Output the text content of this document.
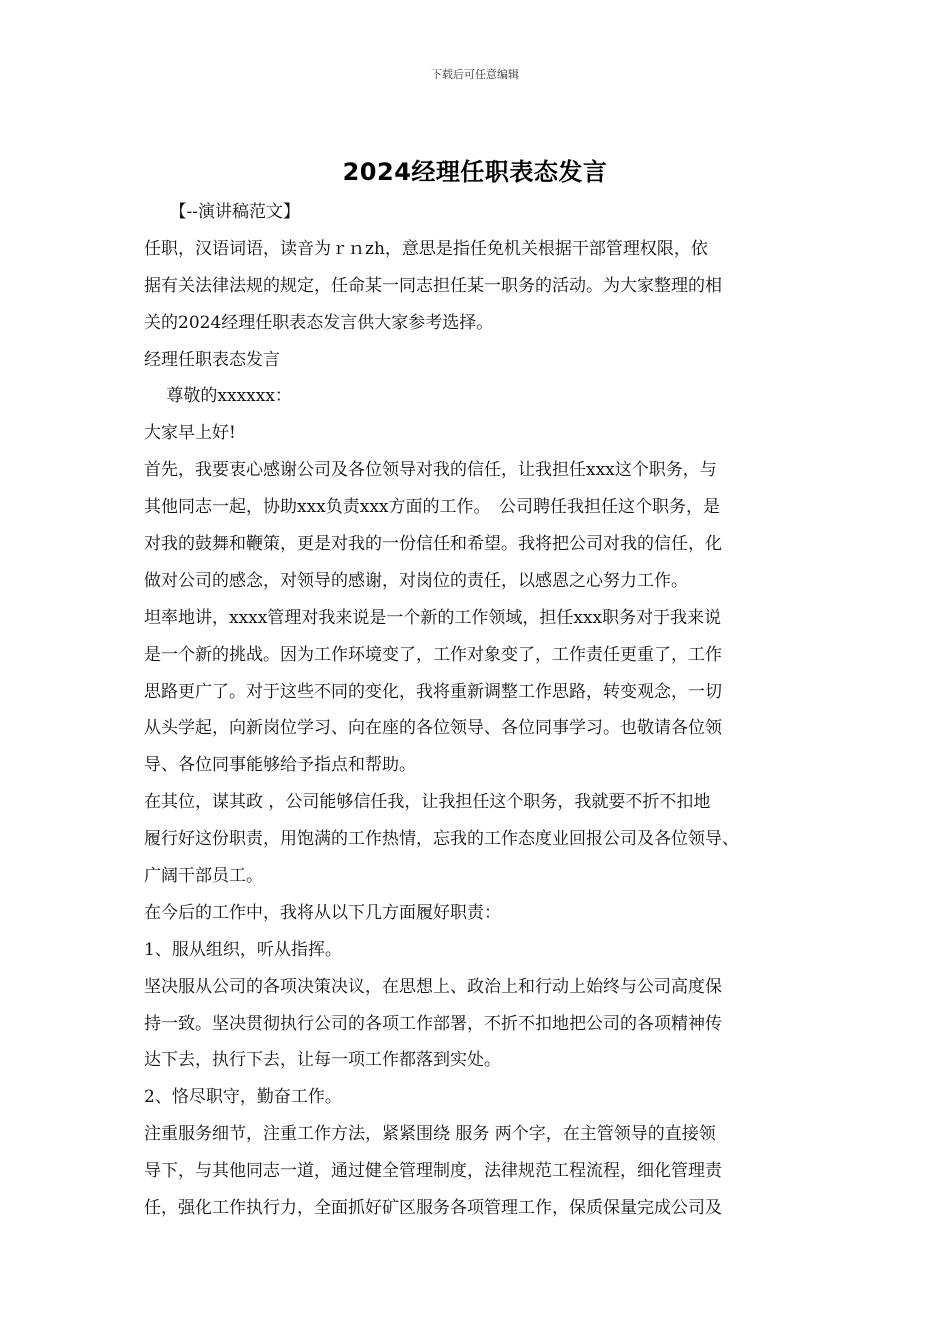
下载后可任意编辑
2024经理任职表态发言
　　【--演讲稿范文】
任职，汉语词语，读音为ｒｎzh，意思是指任免机关根据干部管理权限，依
据有关法律法规的规定，任命某一同志担任某一职务的活动。为大家整理的相
关的2024经理任职表态发言供大家参考选择。
经理任职表态发言
　 尊敬的xxxxxx：
大家早上好!
首先，我要衷心感谢公司及各位领导对我的信任，让我担任xxx这个职务，与
其他同志一起，协助xxx负责xxx方面的工作。　公司聘任我担任这个职务，是
对我的鼓舞和鞭策，更是对我的一份信任和希望。我将把公司对我的信任，化
做对公司的感念，对领导的感谢，对岗位的责任，以感恩之心努力工作。
坦率地讲，xxxx管理对我来说是一个新的工作领域，担任xxx职务对于我来说
是一个新的挑战。因为工作环境变了，工作对象变了，工作责任更重了，工作
思路更广了。对于这些不同的变化，我将重新调整工作思路，转变观念，一切
从头学起，向新岗位学习、向在座的各位领导、各位同事学习。也敬请各位领
导、各位同事能够给予指点和帮助。
在其位，谋其政 ，公司能够信任我，让我担任这个职务，我就要不折不扣地
履行好这份职责，用饱满的工作热情，忘我的工作态度业回报公司及各位领导、
广阔干部员工。
在今后的工作中，我将从以下几方面履好职责：
1、服从组织，听从指挥。
坚决服从公司的各项决策决议，在思想上、政治上和行动上始终与公司高度保
持一致。坚决贯彻执行公司的各项工作部署，不折不扣地把公司的各项精神传
达下去，执行下去，让每一项工作都落到实处。
2、恪尽职守，勤奋工作。
注重服务细节，注重工作方法，紧紧围绕 服务 两个字，在主管领导的直接领
导下，与其他同志一道，通过健全管理制度，法律规范工程流程，细化管理责
任，强化工作执行力，全面抓好矿区服务各项管理工作，保质保量完成公司及
